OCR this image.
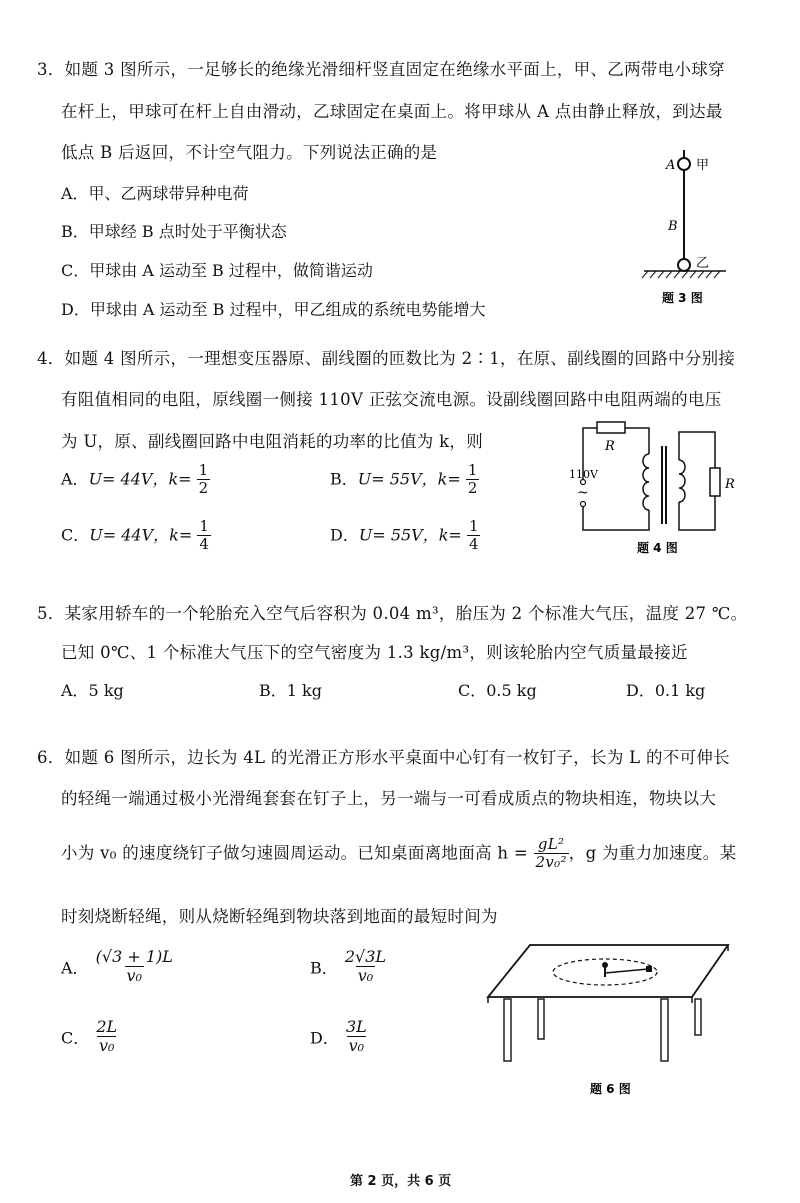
3．如题 3 图所示，一足够长的绝缘光滑细杆竖直固定在绝缘水平面上，甲、乙两带电小球穿
在杆上，甲球可在杆上自由滑动，乙球固定在桌面上。将甲球从 A 点由静止释放，到达最
低点 B 后返回，不计空气阻力。下列说法正确的是
A．甲、乙两球带异种电荷
B．甲球经 B 点时处于平衡状态
C．甲球由 A 运动至 B 过程中，做简谐运动
D．甲球由 A 运动至 B 过程中，甲乙组成的系统电势能增大
A 甲
B
乙
题 3 图
4．如题 4 图所示，一理想变压器原、副线圈的匝数比为 2∶1，在原、副线圈的回路中分别接
有阻值相同的电阻，原线圈一侧接 110V 正弦交流电源。设副线圈回路中电阻两端的电压
为 U，原、副线圈回路中电阻消耗的功率的比值为 k，则
A．U= 44V，$k= \frac{1}{2}$	B．U= 55V，$k= \frac{1}{2}$
C．U= 44V，$k= \frac{1}{4}$	D．U= 55V，$k= \frac{1}{4}$
R
R
110V
~
题 4 图
5．某家用轿车的一个轮胎充入空气后容积为 0.04 m³，胎压为 2 个标准大气压，温度 27 ℃。
已知 0℃、1 个标准大气压下的空气密度为 1.3 kg/m³，则该轮胎内空气质量最接近
A．5 kg	B．1 kg	C．0.5 kg	D．0.1 kg
6．如题 6 图所示，边长为 4L 的光滑正方形水平桌面中心钉有一枚钉子，长为 L 的不可伸长
的轻绳一端通过极小光滑绳套套在钉子上，另一端与一可看成质点的物块相连，物块以大
小为 v₀ 的速度绕钉子做匀速圆周运动。已知桌面离地面高 $h = \frac{\text{gL²}}{\text{2v₀²}}$ ，g 为重力加速度。某
时刻烧断轻绳，则从烧断轻绳到物块落到地面的最短时间为
A． $\frac{(√3 + 1)L}{\text{v₀}}$	B． $\frac{2√3L}{\text{v₀}}$
C． $\frac{2L}{\text{v₀}}$	D． $\frac{3L}{\text{v₀}}$
题 6 图
第 2 页，共 6 页
